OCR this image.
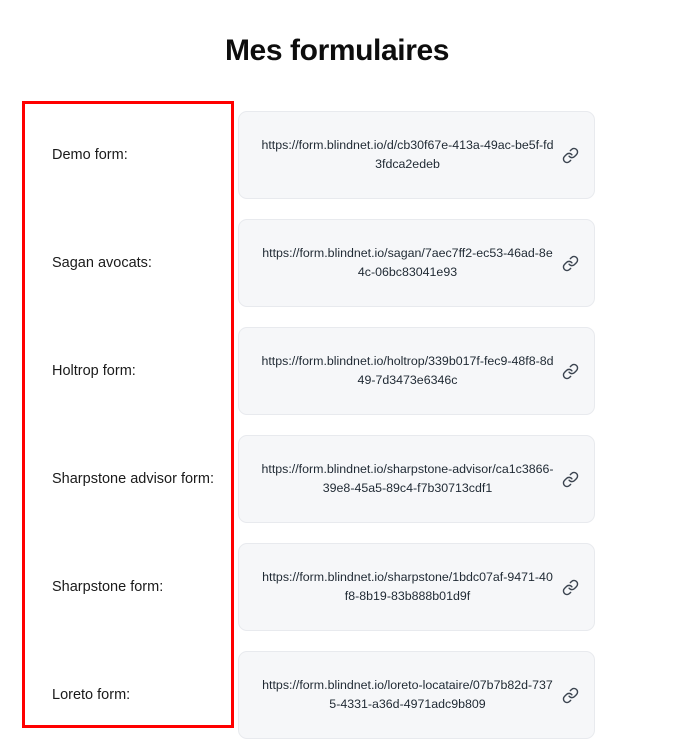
Mes formulaires
Demo form:
https://form.blindnet.io/d/cb30f67e-413a-49ac-be5f-fd3fdca2edeb
Sagan avocats:
https://form.blindnet.io/sagan/7aec7ff2-ec53-46ad-8e4c-06bc83041e93
Holtrop form:
https://form.blindnet.io/holtrop/339b017f-fec9-48f8-8d49-7d3473e6346c
Sharpstone advisor form:
https://form.blindnet.io/sharpstone-advisor/ca1c3866-39e8-45a5-89c4-f7b30713cdf1
Sharpstone form:
https://form.blindnet.io/sharpstone/1bdc07af-9471-40f8-8b19-83b888b01d9f
Loreto form:
https://form.blindnet.io/loreto-locataire/07b7b82d-7375-4331-a36d-4971adc9b809
